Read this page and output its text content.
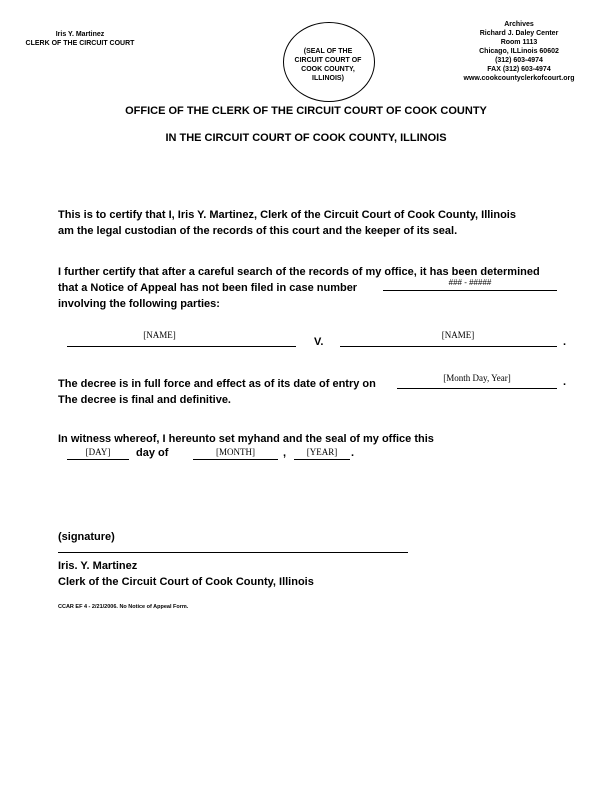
Iris Y. Martinez
CLERK OF THE CIRCUIT COURT
(SEAL OF THE
CIRCUIT COURT OF
COOK COUNTY,
ILLINOIS)
Archives
Richard J. Daley Center
Room 1113
Chicago, ILLinois 60602
(312) 603-4974
FAX (312) 603-4974
www.cookcountyclerkofcourt.org
OFFICE OF THE CLERK OF THE CIRCUIT COURT OF COOK COUNTY
IN THE CIRCUIT COURT OF COOK COUNTY, ILLINOIS
This is to certify that I, Iris Y. Martinez, Clerk of the Circuit Court of Cook County, Illinois
am the legal custodian of the records of this court and the keeper of its seal.
I further certify that after a careful search of the records of my office, it has been determined
that a Notice of Appeal has not been filed in case number
involving the following parties:
### - #####
[NAME]
V.
[NAME]
.
The decree is in full force and effect as of its date of entry on
The decree is final and definitive.
[Month Day, Year]	.
In witness whereof, I hereunto set myhand and the seal of my office this
[DAY]	day of	[MONTH]	,	[YEAR]	.
(signature)
Iris. Y. Martinez
Clerk of the Circuit Court of Cook County, Illinois
CCAR EF 4 - 2/21/2006. No Notice of Appeal Form.
